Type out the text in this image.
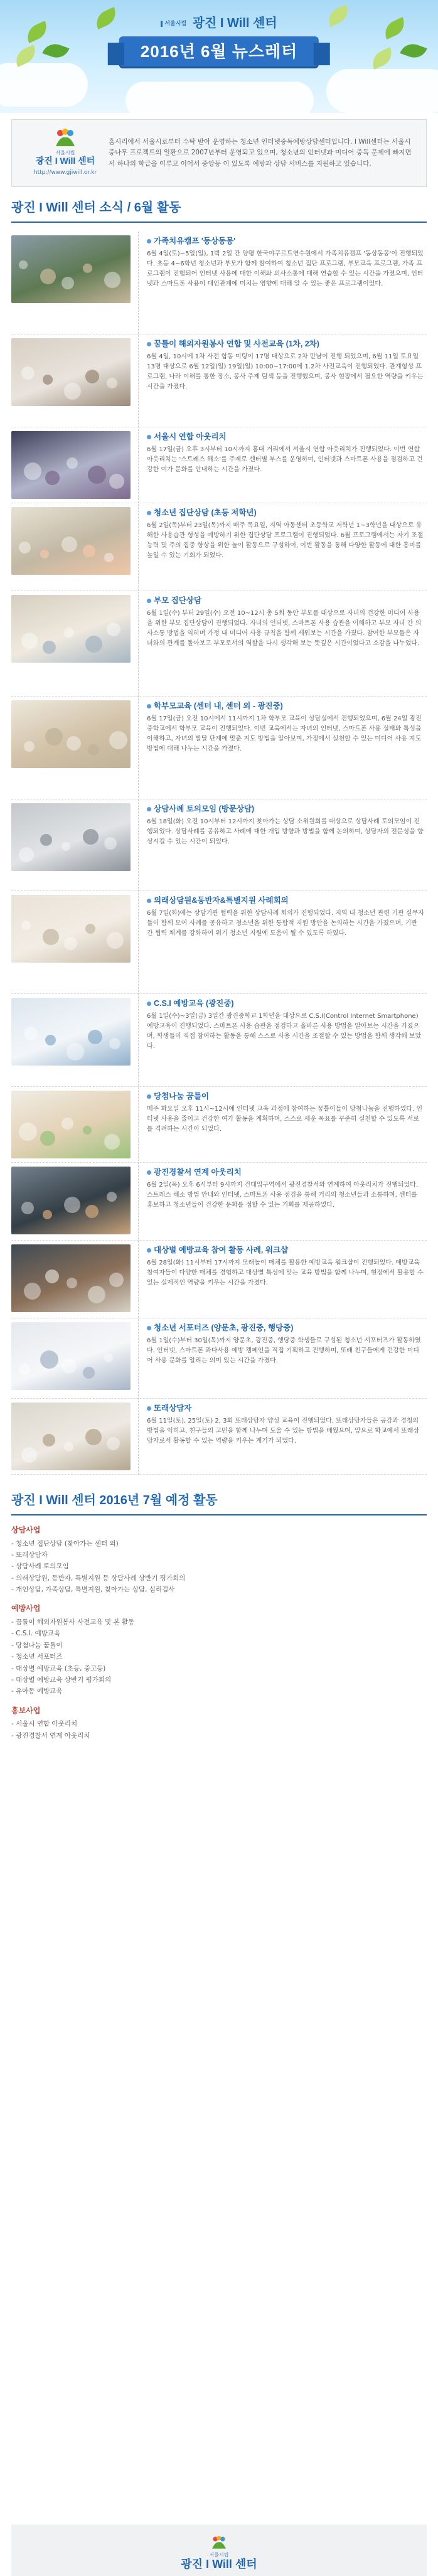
서울시립 광진 I Will 센터
2016년 6월 뉴스레터
서울시립
광진 I Will 센터
http://www.gjiwill.or.kr
홈시리에서 서울시로부터 수탁 받아 운영하는 청소년 인터넷중독예방상담센터입니다. I Will센터는 서울시 중나무 프로젝트의 일환으로 2007년부터 운영되고 있으며, 청소년의 인터넷과 미디어 중독 문제에 빠지면서 하나의 학급을 이루고 이어서 중앙등 이 있도록 예방과 상담 서비스를 지원하고 있습니다.
광진 I Will 센터 소식 / 6월 활동
가족치유캠프 '동상동몽'

6월 4일(토)~5일(일), 1박 2일 간 양평 한국야쿠르트연수원에서 가족치유캠프 '동상동몽'이 진행되었다. 초등 4~6학년 청소년과 부모가 함께 참여하여 청소년 집단 프로그램, 부모교육 프로그램, 가족 프로그램이 진행되어 인터넷 사용에 대한 이해와 의사소통에 대해 연습할 수 있는 시간을 가졌으며, 인터넷과 스마트폰 사용이 대인관계에 미치는 영향에 대해 알 수 있는 좋은 프로그램이었다.

꿈틀이 해외자원봉사 연합 및 사전교육 (1차, 2차)

6월 4일, 10시에 1차 사전 합동 미팅이 17명 대상으로 2차 만남이 진행 되었으며, 6월 11일 토요일 13명 대상으로 6월 12일(일) 19일(일) 10:00~17:00에 1.2차 사전교육이 진행되었다. 관계형성 프로그램, 나라 이해를 통한 장소, 봉사 주제 탐색 등을 진행했으며, 봉사 현장에서 필요한 역량을 키우는 시간을 가졌다.

서울시 연합 아웃리치

6월 17일(금) 오후 3시부터 10시까지 홍대 거리에서 서울시 연합 아웃리치가 진행되었다. 이번 연합 아웃리치는 '스트레스 해소'를 주제로 센터별 부스를 운영하며, 인터넷과 스마트폰 사용을 점검하고 건강한 여가 문화를 안내하는 시간을 가졌다.

청소년 집단상담 (초등 저학년)

6월 2일(목)부터 23일(목)까지 매주 목요일, 지역 아동센터 초등학교 저학년 1~3학년을 대상으로 유해한 사용습관 형성을 예방하기 위한 집단상담 프로그램이 진행되었다. 6월 프로그램에서는 자기 조절 능력 및 주의 집중 향상을 위한 놀이 활동으로 구성하여, 이번 활동을 통해 다양한 활동에 대한 흥미를 높일 수 있는 기회가 되었다.

부모 집단상담

6월 1일(수) 부터 29일(수) 오전 10~12시 총 5회 동안 부모를 대상으로 자녀의 건강한 미디어 사용을 위한 부모 집단상담이 진행되었다. 자녀의 인터넷, 스마트폰 사용 습관을 이해하고 부모 자녀 간 의사소통 방법을 익히며 가정 내 미디어 사용 규칙을 함께 세워보는 시간을 가졌다. 참여한 부모들은 자녀와의 관계를 돌아보고 부모로서의 역할을 다시 생각해 보는 뜻깊은 시간이었다고 소감을 나누었다.

학부모교육 (센터 내, 센터 외 - 광진중)

6월 17일(금) 오전 10시에서 11시까지 1차 학부모 교육이 상담실에서 진행되었으며, 6월 24일 광진중학교에서 학부모 교육이 진행되었다. 이번 교육에서는 자녀의 인터넷, 스마트폰 사용 실태와 특성을 이해하고, 자녀의 발달 단계에 맞춘 지도 방법을 알아보며, 가정에서 실천할 수 있는 미디어 사용 지도 방법에 대해 나누는 시간을 가졌다.

상담사례 토의모임 (방문상담)

6월 18일(화) 오전 10시부터 12시까지 찾아가는 상담 소위원회를 대상으로 상담사례 토의모임이 진행되었다. 상담사례를 공유하고 사례에 대한 개입 방향과 방법을 함께 논의하며, 상담자의 전문성을 향상시킬 수 있는 시간이 되었다.

의래상담원&동반자&특별지원 사례회의

6월 7일(화)에는 상담기관 협력을 위한 상담사례 회의가 진행되었다. 지역 내 청소년 관련 기관 실무자들이 함께 모여 사례를 공유하고 청소년을 위한 통합적 지원 방안을 논의하는 시간을 가졌으며, 기관 간 협력 체계를 강화하여 위기 청소년 지원에 도움이 될 수 있도록 하였다.

C.S.I 예방교육 (광진중)

6월 1일(수)~3일(금) 3일간 광진중학교 1학년을 대상으로 C.S.I(Control Internet Smartphone) 예방교육이 진행되었다. 스마트폰 사용 습관을 점검하고 올바른 사용 방법을 알아보는 시간을 가졌으며, 학생들이 직접 참여하는 활동을 통해 스스로 사용 시간을 조절할 수 있는 방법을 함께 생각해 보았다.

당첨나눔 꿈틀이

매주 화요일 오후 11시~12시에 인터넷 교육 과정에 참여하는 꿈틀이들이 당첨나눔을 진행하였다. 인터넷 사용을 줄이고 건강한 여가 활동을 계획하며, 스스로 세운 목표를 꾸준히 실천할 수 있도록 서로를 격려하는 시간이 되었다.

광진경찰서 연계 아웃리치

6월 2일(목) 오후 6시부터 9시까지 건대입구역에서 광진경찰서와 연계하여 아웃리치가 진행되었다. 스트레스 해소 방법 안내와 인터넷, 스마트폰 사용 점검을 통해 거리의 청소년들과 소통하며, 센터를 홍보하고 청소년들이 건강한 문화를 접할 수 있는 기회를 제공하였다.

대상별 예방교육 참여 활동 사례, 워크샵

6월 28일(화) 11시부터 17시까지 모래놀이 매체를 활용한 예방교육 워크샵이 진행되었다. 예방교육 참여자들이 다양한 매체를 경험하고 대상별 특성에 맞는 교육 방법을 함께 나누며, 현장에서 활용할 수 있는 실제적인 역량을 키우는 시간을 가졌다.

청소년 서포터즈 (양문초, 광진중, 행당중)

6월 1일(수)부터 30일(목)까지 양문초, 광진중, 행당중 학생들로 구성된 청소년 서포터즈가 활동하였다. 인터넷, 스마트폰 과다사용 예방 캠페인을 직접 기획하고 진행하며, 또래 친구들에게 건강한 미디어 사용 문화를 알리는 의미 있는 시간을 가졌다.

또래상담자

6월 11일(토), 25일(토) 2, 3회 또래상담자 양성 교육이 진행되었다. 또래상담자들은 공감과 경청의 방법을 익히고, 친구들의 고민을 함께 나누며 도울 수 있는 방법을 배웠으며, 앞으로 학교에서 또래상담자로서 활동할 수 있는 역량을 키우는 계기가 되었다.

광진 I Will 센터 2016년 7월 예정 활동
상담사업
- 청소년 집단상담 (찾아가는 센터 외)
- 또래상담자
- 상담사례 토의모임
- 의래상담원, 동반자, 특별지원 등 상담사례 상반기 평가회의
- 개인상담, 가족상담, 특별지원, 찾아가는 상담, 심리검사
예방사업
- 꿈틀이 해외자원봉사 사전교육 및 본 활동
- C.S.I. 예방교육
- 당첨나눔 꿈틀이
- 청소년 서포터즈
- 대상별 예방교육 (초등, 중고등)
- 대상별 예방교육 상반기 평가회의
- 유아동 예방교육
홍보사업
- 서울시 연합 아웃리치
- 광진경찰서 연계 아웃리치
서울시립
광진 I Will 센터
